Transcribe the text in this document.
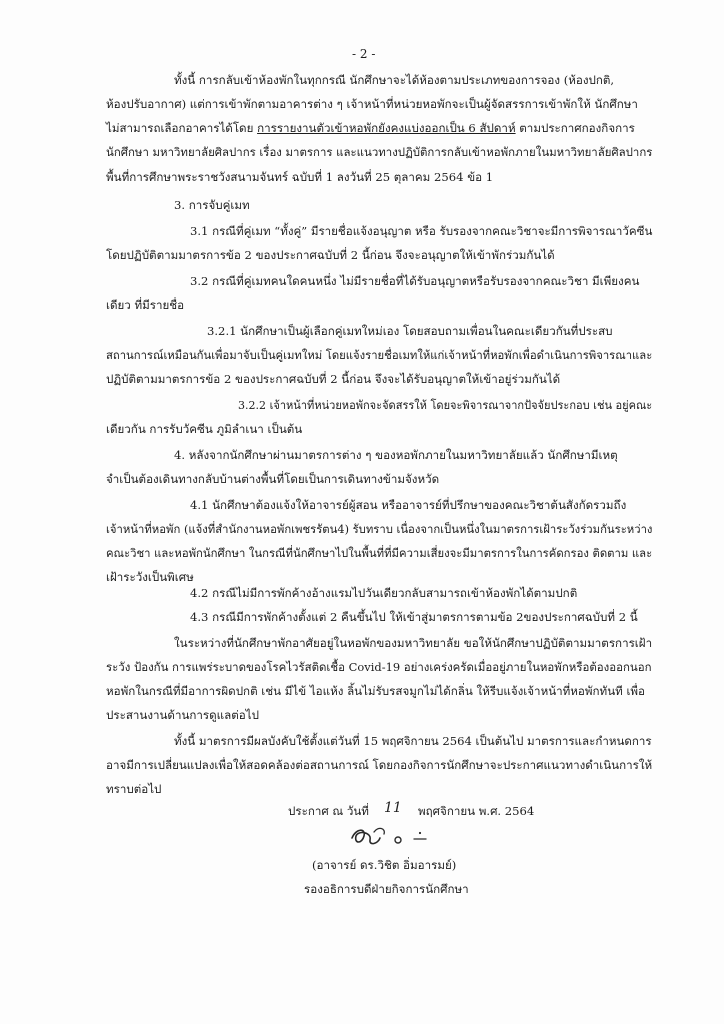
- 2 -
ทั้งนี้ การกลับเข้าห้องพักในทุกกรณี นักศึกษาจะได้ห้องตามประเภทของการจอง (ห้องปกติ,
ห้องปรับอากาศ) แต่การเข้าพักตามอาคารต่าง ๆ เจ้าหน้าที่หน่วยหอพักจะเป็นผู้จัดสรรการเข้าพักให้ นักศึกษา
ไม่สามารถเลือกอาคารได้โดย การรายงานตัวเข้าหอพักยังคงแบ่งออกเป็น 6 สัปดาห์ ตามประกาศกองกิจการ
นักศึกษา มหาวิทยาลัยศิลปากร เรื่อง มาตรการ และแนวทางปฏิบัติการกลับเข้าหอพักภายในมหาวิทยาลัยศิลปากร
พื้นที่การศึกษาพระราชวังสนามจันทร์ ฉบับที่ 1 ลงวันที่ 25 ตุลาคม 2564 ข้อ 1
3. การจับคู่เมท
3.1 กรณีที่คู่เมท “ทั้งคู่” มีรายชื่อแจ้งอนุญาต หรือ รับรองจากคณะวิชาจะมีการพิจารณาวัคซีน
โดยปฏิบัติตามมาตรการข้อ 2 ของประกาศฉบับที่ 2 นี้ก่อน จึงจะอนุญาตให้เข้าพักร่วมกันได้
3.2 กรณีที่คู่เมทคนใดคนหนึ่ง ไม่มีรายชื่อที่ได้รับอนุญาตหรือรับรองจากคณะวิชา มีเพียงคน
เดียว ที่มีรายชื่อ
3.2.1 นักศึกษาเป็นผู้เลือกคู่เมทใหม่เอง โดยสอบถามเพื่อนในคณะเดียวกันที่ประสบ
สถานการณ์เหมือนกันเพื่อมาจับเป็นคู่เมทใหม่ โดยแจ้งรายชื่อเมทให้แก่เจ้าหน้าที่หอพักเพื่อดำเนินการพิจารณาและ
ปฏิบัติตามมาตรการข้อ 2 ของประกาศฉบับที่ 2 นี้ก่อน จึงจะได้รับอนุญาตให้เข้าอยู่ร่วมกันได้
3.2.2 เจ้าหน้าที่หน่วยหอพักจะจัดสรรให้ โดยจะพิจารณาจากปัจจัยประกอบ เช่น อยู่คณะ
เดียวกัน การรับวัคซีน ภูมิลำเนา เป็นต้น
4. หลังจากนักศึกษาผ่านมาตรการต่าง ๆ ของหอพักภายในมหาวิทยาลัยแล้ว นักศึกษามีเหตุ
จำเป็นต้องเดินทางกลับบ้านต่างพื้นที่โดยเป็นการเดินทางข้ามจังหวัด
4.1 นักศึกษาต้องแจ้งให้อาจารย์ผู้สอน หรืออาจารย์ที่ปรึกษาของคณะวิชาต้นสังกัดรวมถึง
เจ้าหน้าที่หอพัก (แจ้งที่สำนักงานหอพักเพชรรัตน4) รับทราบ เนื่องจากเป็นหนึ่งในมาตรการเฝ้าระวังร่วมกันระหว่าง
คณะวิชา และหอพักนักศึกษา ในกรณีที่นักศึกษาไปในพื้นที่ที่มีความเสี่ยงจะมีมาตรการในการคัดกรอง ติดตาม และ
เฝ้าระวังเป็นพิเศษ
4.2 กรณีไม่มีการพักค้างอ้างแรมไปวันเดียวกลับสามารถเข้าห้องพักได้ตามปกติ
4.3 กรณีมีการพักค้างตั้งแต่ 2 คืนขึ้นไป ให้เข้าสู่มาตรการตามข้อ 2ของประกาศฉบับที่ 2 นี้
ในระหว่างที่นักศึกษาพักอาศัยอยู่ในหอพักของมหาวิทยาลัย ขอให้นักศึกษาปฏิบัติตามมาตรการเฝ้า
ระวัง ป้องกัน การแพร่ระบาดของโรคไวรัสติดเชื้อ Covid-19 อย่างเคร่งครัดเมื่ออยู่ภายในหอพักหรือต้องออกนอก
หอพักในกรณีที่มีอาการผิดปกติ เช่น มีไข้ ไอแห้ง ลิ้นไม่รับรสจมูกไม่ได้กลิ่น ให้รีบแจ้งเจ้าหน้าที่หอพักทันที เพื่อ
ประสานงานด้านการดูแลต่อไป
ทั้งนี้ มาตรการมีผลบังคับใช้ตั้งแต่วันที่ 15 พฤศจิกายน 2564 เป็นต้นไป มาตรการและกำหนดการ
อาจมีการเปลี่ยนแปลงเพื่อให้สอดคล้องต่อสถานการณ์ โดยกองกิจการนักศึกษาจะประกาศแนวทางดำเนินการให้
ทราบต่อไป
ประกาศ ณ วันที่ 11 พฤศจิกายน พ.ศ. 2564
(อาจารย์ ดร.วิชิต อิ่มอารมย์)
รองอธิการบดีฝ่ายกิจการนักศึกษา
